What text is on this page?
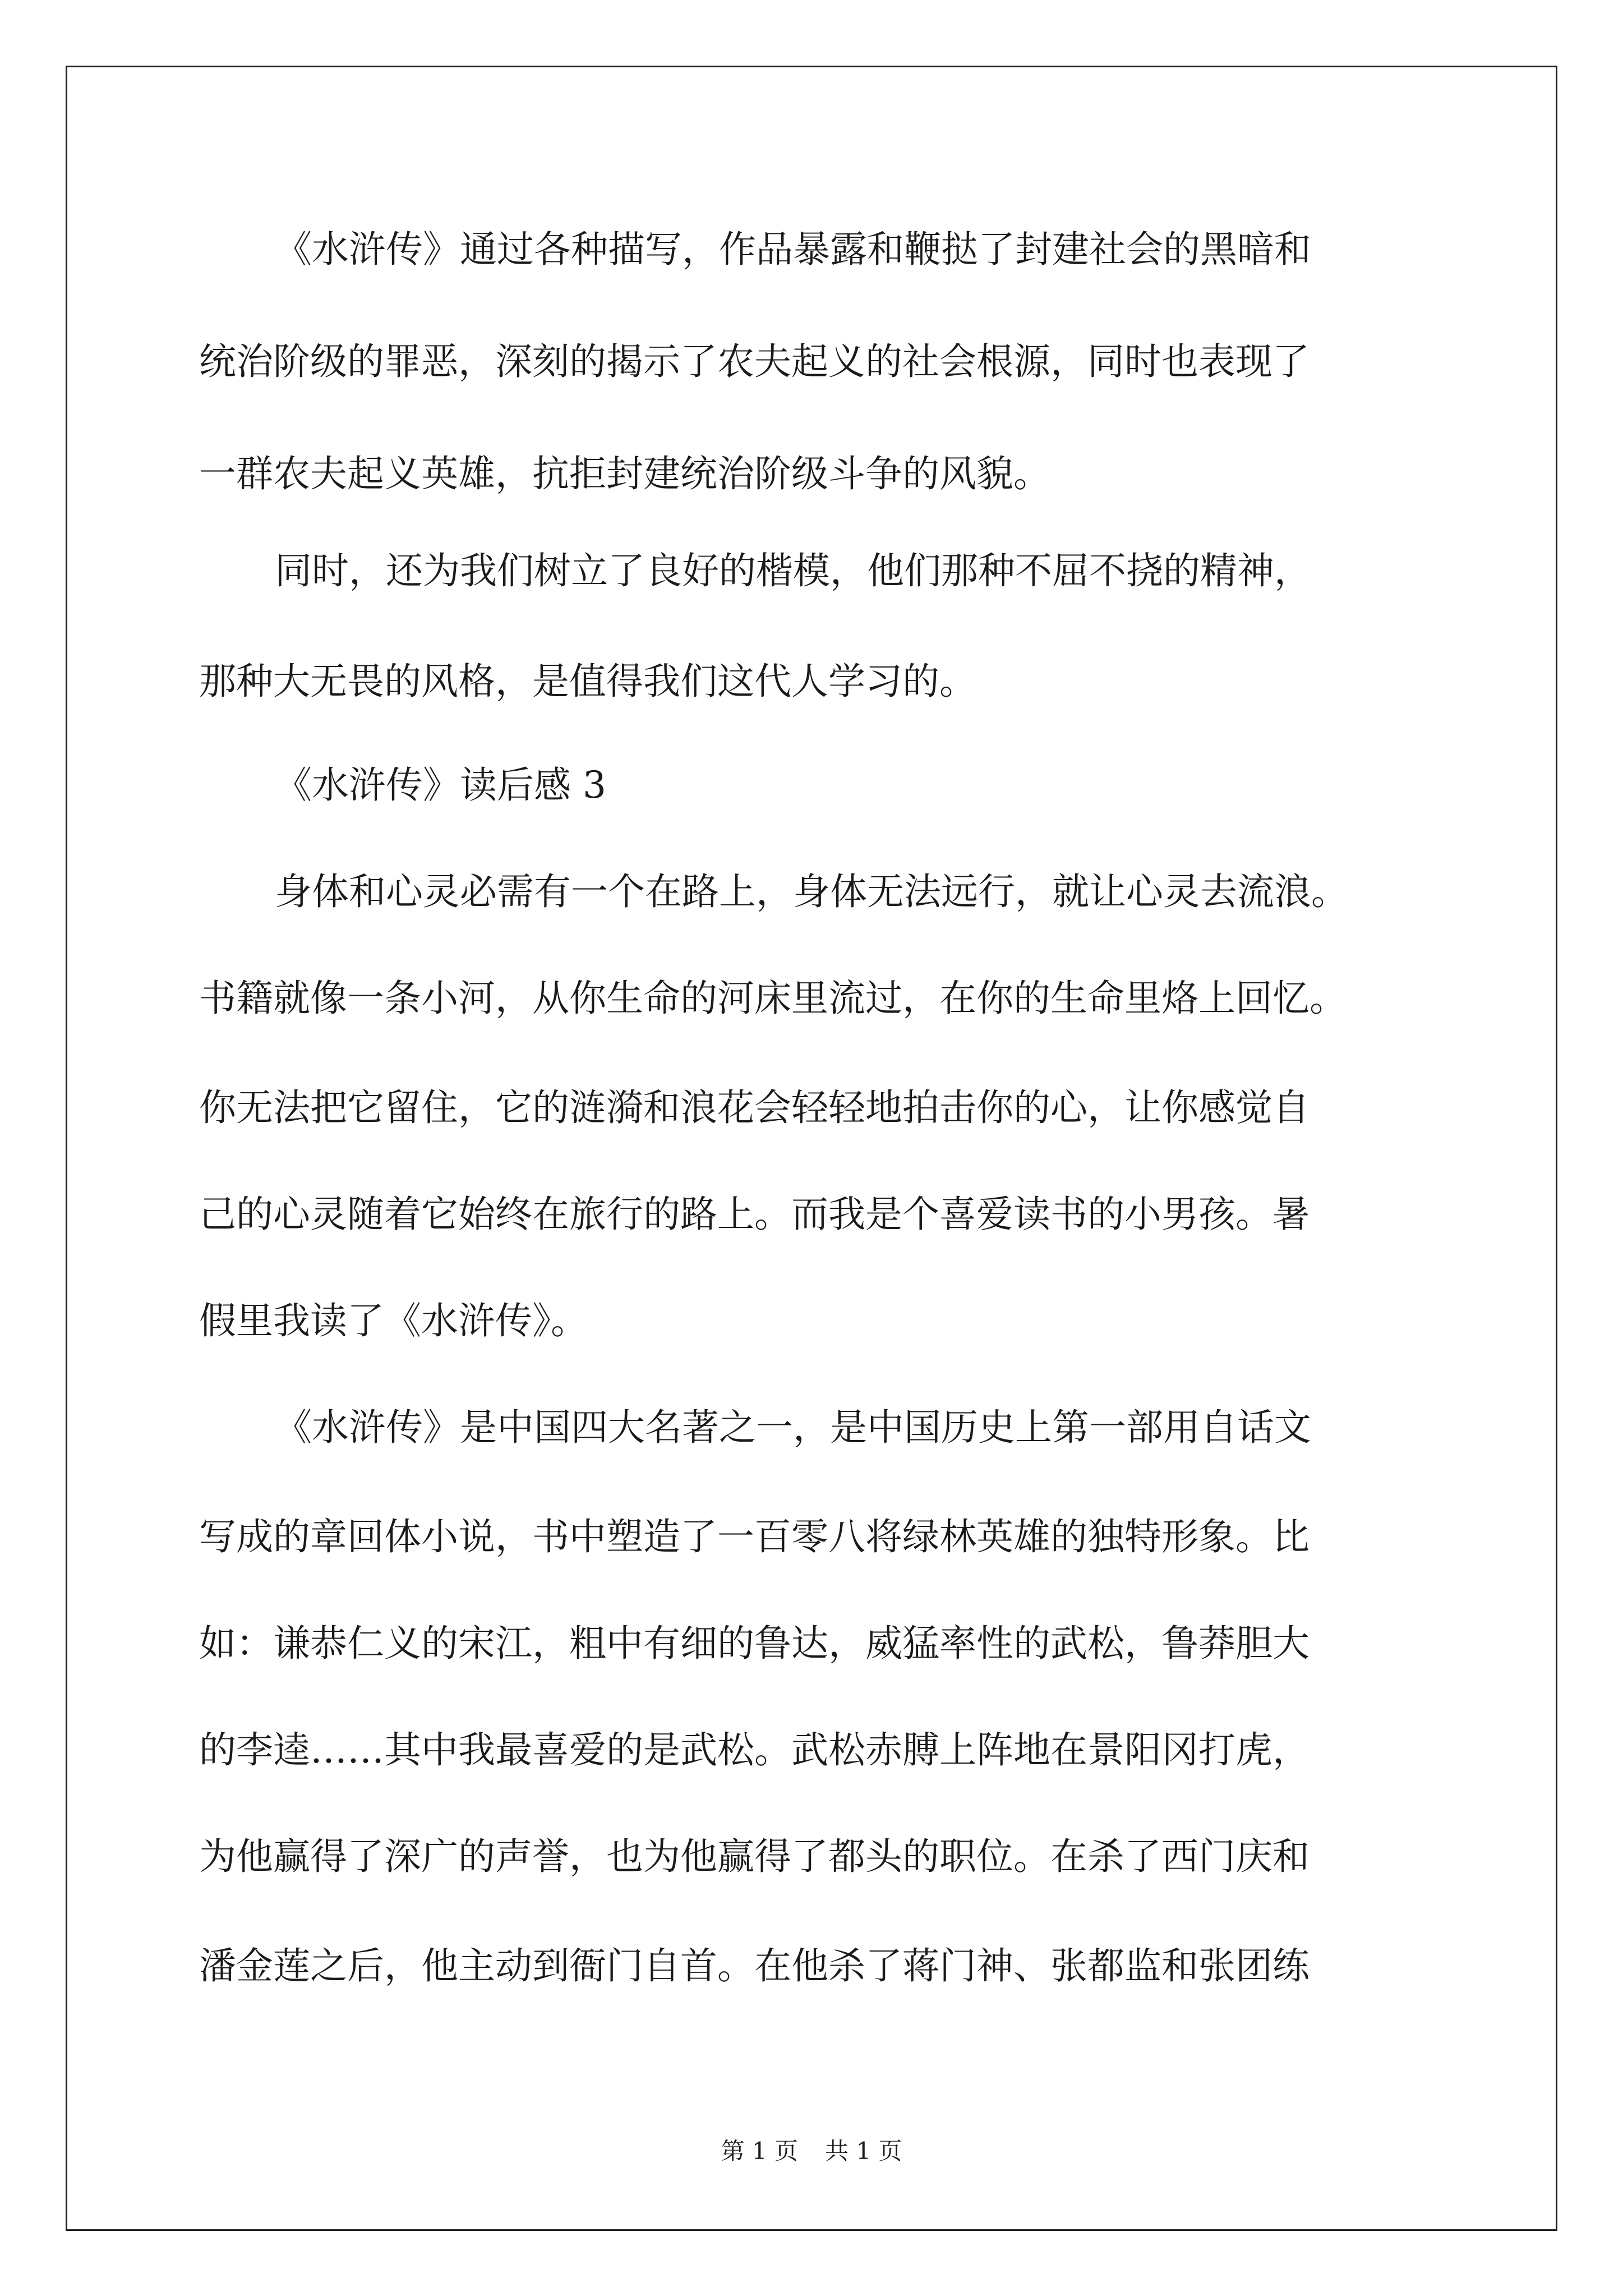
《水浒传》通过各种描写，作品暴露和鞭挞了封建社会的黑暗和

统治阶级的罪恶，深刻的揭示了农夫起义的社会根源，同时也表现了

一群农夫起义英雄，抗拒封建统治阶级斗争的风貌。

同时，还为我们树立了良好的楷模，他们那种不屈不挠的精神，

那种大无畏的风格，是值得我们这代人学习的。

《水浒传》读后感 3

身体和心灵必需有一个在路上，身体无法远行，就让心灵去流浪。

书籍就像一条小河，从你生命的河床里流过，在你的生命里烙上回忆。

你无法把它留住，它的涟漪和浪花会轻轻地拍击你的心，让你感觉自

己的心灵随着它始终在旅行的路上。而我是个喜爱读书的小男孩。暑

假里我读了《水浒传》。

《水浒传》是中国四大名著之一，是中国历史上第一部用自话文

写成的章回体小说，书中塑造了一百零八将绿林英雄的独特形象。比

如：谦恭仁义的宋江，粗中有细的鲁达，威猛率性的武松，鲁莽胆大

的李逵……其中我最喜爱的是武松。武松赤膊上阵地在景阳冈打虎，

为他赢得了深广的声誉，也为他赢得了都头的职位。在杀了西门庆和

潘金莲之后，他主动到衙门自首。在他杀了蒋门神、张都监和张团练

第 1 页 共 1 页
